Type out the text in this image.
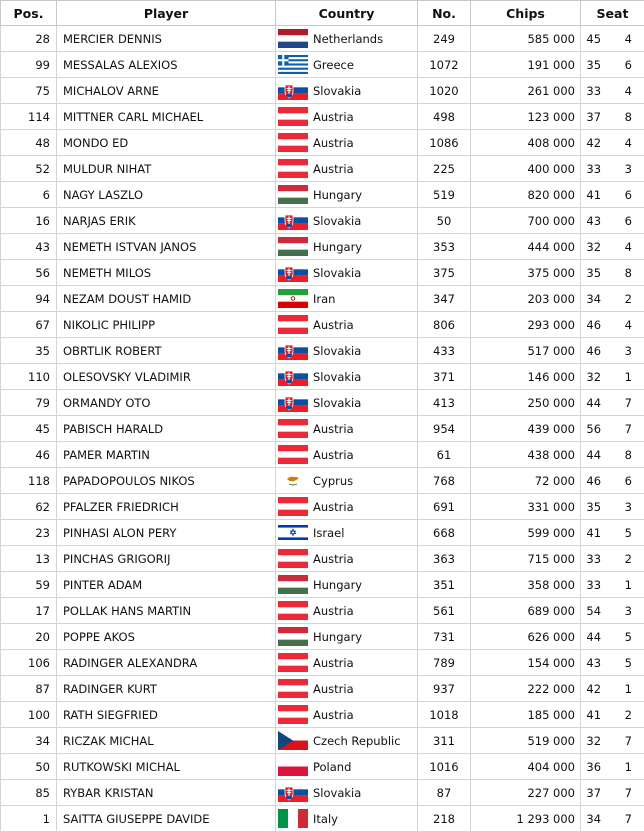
Pos.	Player	Country	No.	Chips	Seat	
28	MERCIER DENNIS	Netherlands	249	585 000	45	4
99	MESSALAS ALEXIOS	Greece	1072	191 000	35	6
75	MICHALOV ARNE	Slovakia	1020	261 000	33	4
114	MITTNER CARL MICHAEL	Austria	498	123 000	37	8
48	MONDO ED	Austria	1086	408 000	42	4
52	MULDUR NIHAT	Austria	225	400 000	33	3
6	NAGY LASZLO	Hungary	519	820 000	41	6
16	NARJAS ERIK	Slovakia	50	700 000	43	6
43	NEMETH ISTVAN JANOS	Hungary	353	444 000	32	4
56	NEMETH MILOS	Slovakia	375	375 000	35	8
94	NEZAM DOUST HAMID	Iran	347	203 000	34	2
67	NIKOLIC PHILIPP	Austria	806	293 000	46	4
35	OBRTLIK ROBERT	Slovakia	433	517 000	46	3
110	OLESOVSKY VLADIMIR	Slovakia	371	146 000	32	1
79	ORMANDY OTO	Slovakia	413	250 000	44	7
45	PABISCH HARALD	Austria	954	439 000	56	7
46	PAMER MARTIN	Austria	61	438 000	44	8
118	PAPADOPOULOS NIKOS	Cyprus	768	72 000	46	6
62	PFALZER FRIEDRICH	Austria	691	331 000	35	3
23	PINHASI ALON PERY	Israel	668	599 000	41	5
13	PINCHAS GRIGORIJ	Austria	363	715 000	33	2
59	PINTER ADAM	Hungary	351	358 000	33	1
17	POLLAK HANS MARTIN	Austria	561	689 000	54	3
20	POPPE AKOS	Hungary	731	626 000	44	5
106	RADINGER ALEXANDRA	Austria	789	154 000	43	5
87	RADINGER KURT	Austria	937	222 000	42	1
100	RATH SIEGFRIED	Austria	1018	185 000	41	2
34	RICZAK MICHAL	Czech Republic	311	519 000	32	7
50	RUTKOWSKI MICHAL	Poland	1016	404 000	36	1
85	RYBAR KRISTAN	Slovakia	87	227 000	37	7
1	SAITTA GIUSEPPE DAVIDE	Italy	218	1 293 000	34	7
